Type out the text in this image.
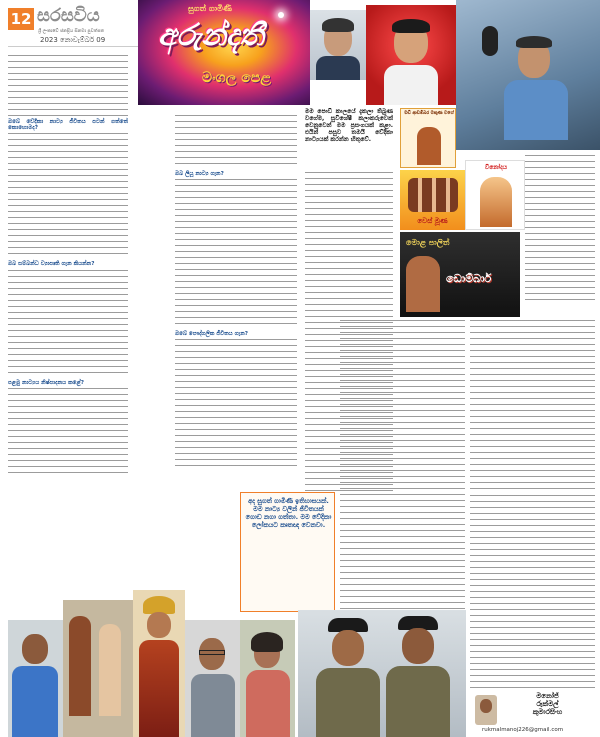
12 සරසවිය
ශ්‍රී ලංකාවේ ජනප්‍රිය සිනමා පුවත්පත
2023 නොවැම්බර් 09
සුගත් ගාමිණී
අරුන්දතී
මංගල පෙළ
ඔබේ වේදිකා නාට්‍ය ජීවිතය පටන් ගත්තේ කොහොමද?
ඔබ සම්බන්ධ ව්‍යාපෘති ගැන කියන්න?
පළමු නාට්‍යය නිෂ්පාදනය කළේ?
ඔබ ලියූ නාට්‍ය ගැන?
ඔබේ පෞද්ගලික ජීවිතය ගැන?
මම පොඩි කාලයේ දැකලා තිබුණ වගේම, සුවිශේෂී කලාකරුවෙක් වෙනුවෙන් මම ප්‍රසංගයක් කළා. එයින් පසුව තමයි වේදිකා නාට්‍යයක් කරන්න හිතුවේ.
මඩි ආඩම්බර මකුණ වගේ
වෙස් මූණ
මොළ පාලිත්
ඩොම්බාර්
විනෝදය
අද සුගත් ගාමිණී ඉතිහාසයක්. මම නාට්‍ය වලින් ජීවිතයක් ගොඩ නගා ගත්තා. මම වේදිකා ලෝකයට කෘතඥ වෙනවා.
මනෝජ්
රුක්මල්
කුමාරසිංහ
rukmalmanoj226@gmail.com
